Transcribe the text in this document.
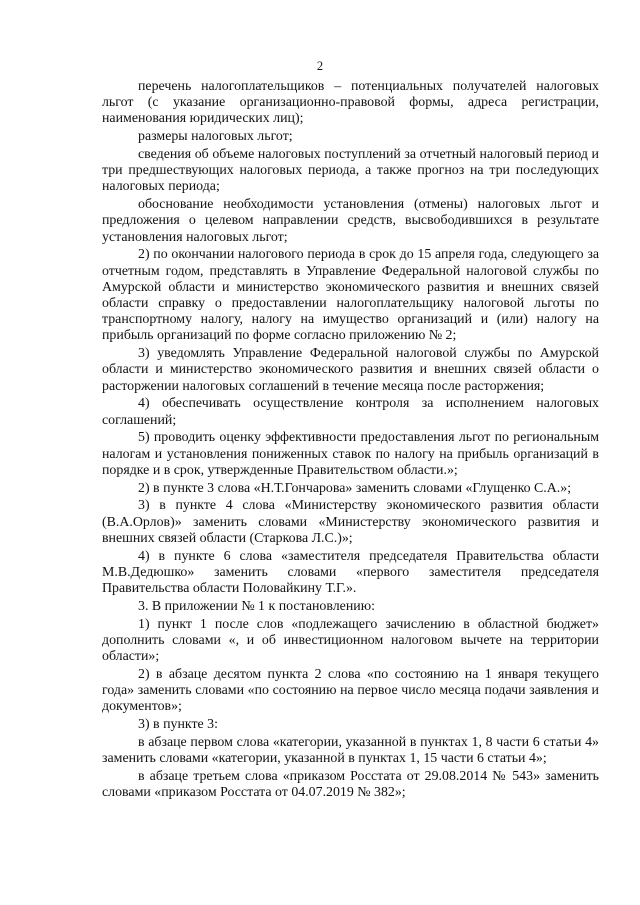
2

перечень налогоплательщиков – потенциальных получателей налоговых льгот (с указание организационно-правовой формы, адреса регистрации, наименования юридических лиц);

размеры налоговых льгот;

сведения об объеме налоговых поступлений за отчетный налоговый период и три предшествующих налоговых периода, а также прогноз на три последующих налоговых периода;

обоснование необходимости установления (отмены) налоговых льгот и предложения о целевом направлении средств, высвободившихся в результате установления налоговых льгот;

2) по окончании налогового периода в срок до 15 апреля года, следующего за отчетным годом, представлять в Управление Федеральной налоговой службы по Амурской области и министерство экономического развития и внешних связей области справку о предоставлении налогоплательщику налоговой льготы по транспортному налогу, налогу на имущество организаций и (или) налогу на прибыль организаций по форме согласно приложению № 2;

3) уведомлять Управление Федеральной налоговой службы по Амурской области и министерство экономического развития и внешних связей области о расторжении налоговых соглашений в течение месяца после расторжения;

4) обеспечивать осуществление контроля за исполнением налоговых соглашений;

5) проводить оценку эффективности предоставления льгот по региональным налогам и установления пониженных ставок по налогу на прибыль организаций в порядке и в срок, утвержденные Правительством области.»;

2) в пункте 3 слова «Н.Т.Гончарова» заменить словами «Глущенко С.А.»;

3) в пункте 4 слова «Министерству экономического развития области (В.А.Орлов)» заменить словами «Министерству экономического развития и внешних связей области (Старкова Л.С.)»;

4) в пункте 6 слова «заместителя председателя Правительства области М.В.Дедюшко» заменить словами «первого заместителя председателя Правительства области Половайкину Т.Г.».

3. В приложении № 1 к постановлению:

1) пункт 1 после слов «подлежащего зачислению в областной бюджет» дополнить словами «, и об инвестиционном налоговом вычете на территории области»;

2) в абзаце десятом пункта 2 слова «по состоянию на 1 января текущего года» заменить словами «по состоянию на первое число месяца подачи заявления и документов»;

3) в пункте 3:

в абзаце первом слова «категории, указанной в пунктах 1, 8 части 6 статьи 4» заменить словами «категории, указанной в пунктах 1, 15 части 6 статьи 4»;

в абзаце третьем слова «приказом Росстата от 29.08.2014 № 543» заменить словами «приказом Росстата от 04.07.2019 № 382»;
